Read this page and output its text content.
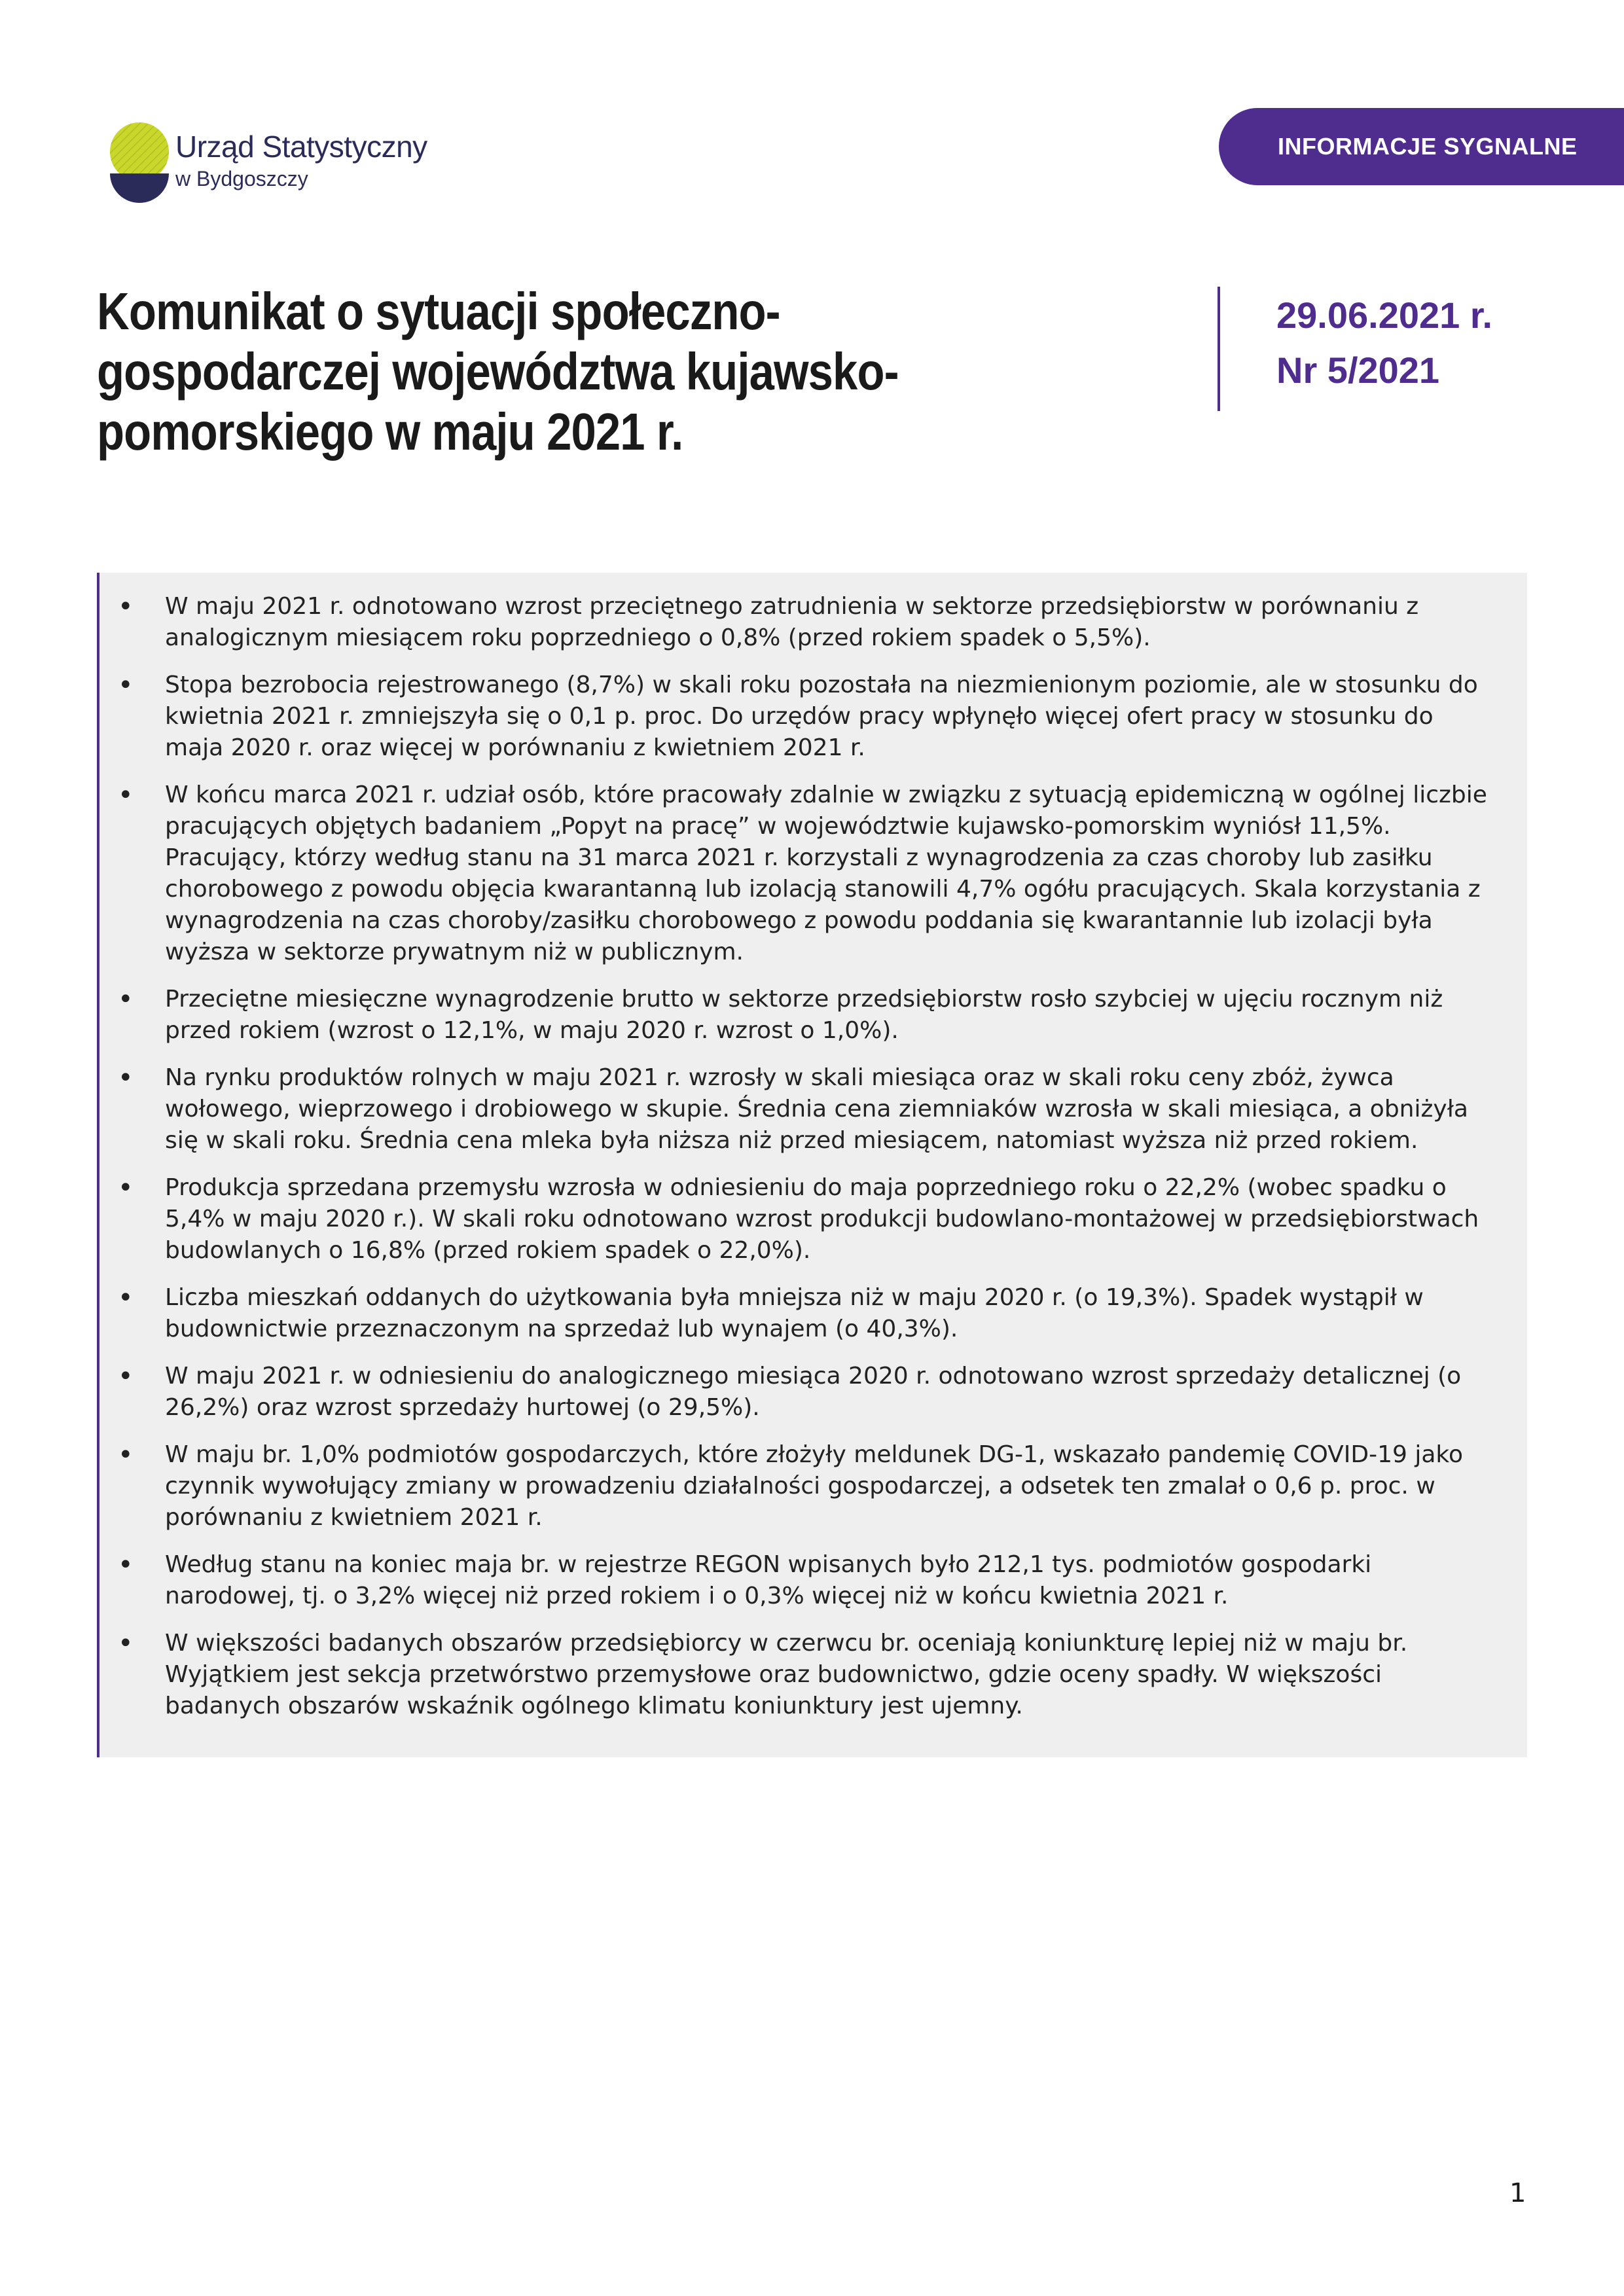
Urząd Statystyczny
w Bydgoszczy
INFORMACJE SYGNALNE
Komunikat o sytuacji społeczno-gospodarczej województwa kujawsko-pomorskiego w maju 2021 r.
29.06.2021 r.
Nr 5/2021
• W maju 2021 r. odnotowano wzrost przeciętnego zatrudnienia w sektorze przedsiębiorstw w porównaniu z analogicznym miesiącem roku poprzedniego o 0,8% (przed rokiem spadek o 5,5%).
• Stopa bezrobocia rejestrowanego (8,7%) w skali roku pozostała na niezmienionym poziomie, ale w stosunku do kwietnia 2021 r. zmniejszyła się o 0,1 p. proc. Do urzędów pracy wpłynęło więcej ofert pracy w stosunku do maja 2020 r. oraz więcej w porównaniu z kwietniem 2021 r.
• W końcu marca 2021 r. udział osób, które pracowały zdalnie w związku z sytuacją epidemiczną w ogólnej liczbie pracujących objętych badaniem „Popyt na pracę” w województwie kujawsko-pomorskim wyniósł 11,5%. Pracujący, którzy według stanu na 31 marca 2021 r. korzystali z wynagrodzenia za czas choroby lub zasiłku chorobowego z powodu objęcia kwarantanną lub izolacją stanowili 4,7% ogółu pracujących. Skala korzystania z wynagrodzenia na czas choroby/zasiłku chorobowego z powodu poddania się kwarantannie lub izolacji była wyższa w sektorze prywatnym niż w publicznym.
• Przeciętne miesięczne wynagrodzenie brutto w sektorze przedsiębiorstw rosło szybciej w ujęciu rocznym niż przed rokiem (wzrost o 12,1%, w maju 2020 r. wzrost o 1,0%).
• Na rynku produktów rolnych w maju 2021 r. wzrosły w skali miesiąca oraz w skali roku ceny zbóż, żywca wołowego, wieprzowego i drobiowego w skupie. Średnia cena ziemniaków wzrosła w skali miesiąca, a obniżyła się w skali roku. Średnia cena mleka była niższa niż przed miesiącem, natomiast wyższa niż przed rokiem.
• Produkcja sprzedana przemysłu wzrosła w odniesieniu do maja poprzedniego roku o 22,2% (wobec spadku o 5,4% w maju 2020 r.). W skali roku odnotowano wzrost produkcji budowlano-montażowej w przedsiębiorstwach budowlanych o 16,8% (przed rokiem spadek o 22,0%).
• Liczba mieszkań oddanych do użytkowania była mniejsza niż w maju 2020 r. (o 19,3%). Spadek wystąpił w budownictwie przeznaczonym na sprzedaż lub wynajem (o 40,3%).
• W maju 2021 r. w odniesieniu do analogicznego miesiąca 2020 r. odnotowano wzrost sprzedaży detalicznej (o 26,2%) oraz wzrost sprzedaży hurtowej (o 29,5%).
• W maju br. 1,0% podmiotów gospodarczych, które złożyły meldunek DG-1, wskazało pandemię COVID-19 jako czynnik wywołujący zmiany w prowadzeniu działalności gospodarczej, a odsetek ten zmalał o 0,6 p. proc. w porównaniu z kwietniem 2021 r.
• Według stanu na koniec maja br. w rejestrze REGON wpisanych było 212,1 tys. podmiotów gospodarki narodowej, tj. o 3,2% więcej niż przed rokiem i o 0,3% więcej niż w końcu kwietnia 2021 r.
• W większości badanych obszarów przedsiębiorcy w czerwcu br. oceniają koniunkturę lepiej niż w maju br. Wyjątkiem jest sekcja przetwórstwo przemysłowe oraz budownictwo, gdzie oceny spadły. W większości badanych obszarów wskaźnik ogólnego klimatu koniunktury jest ujemny.
1
